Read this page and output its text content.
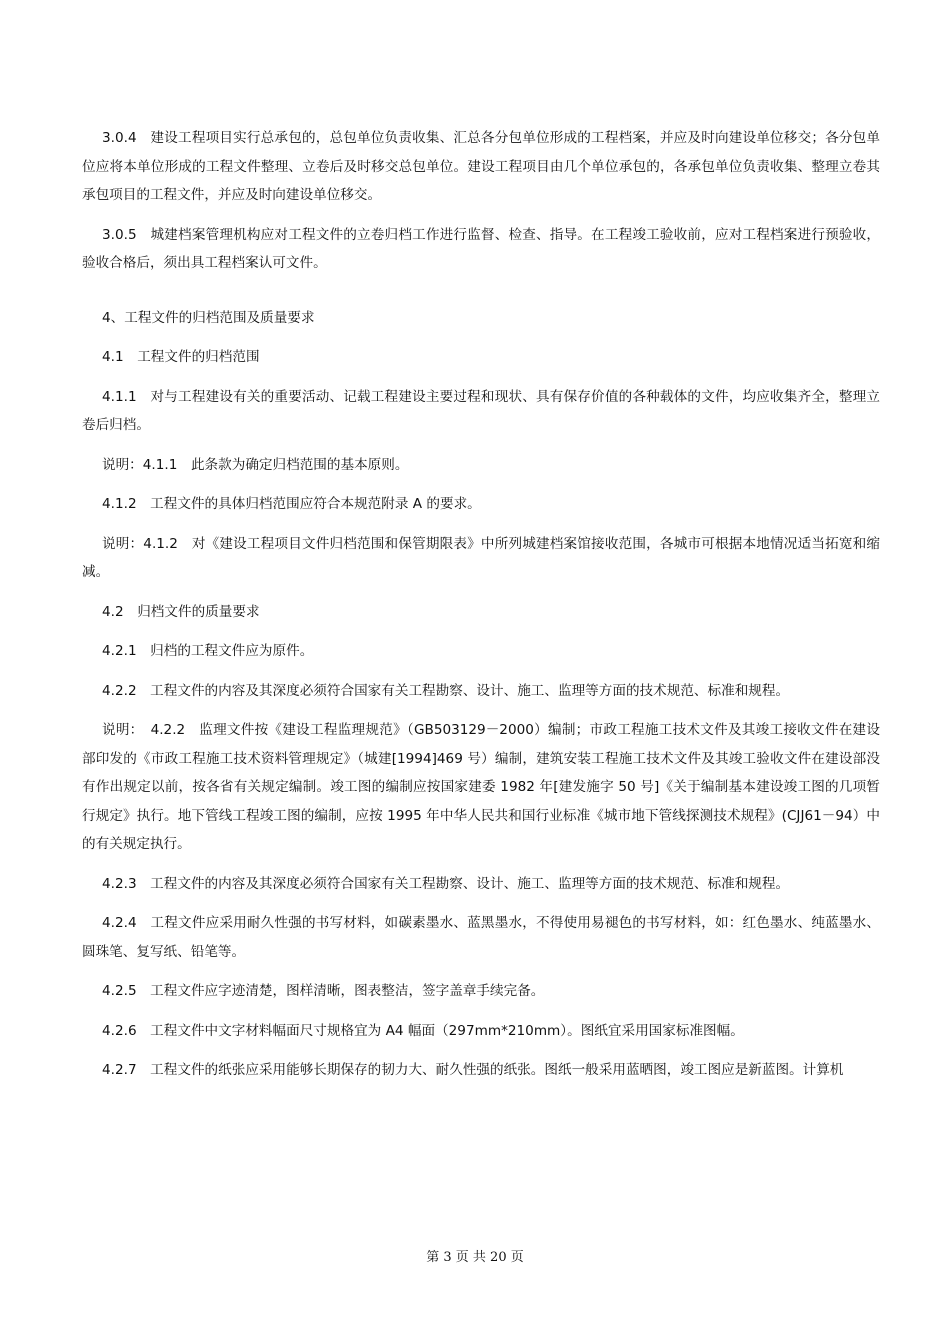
3.0.4　建设工程项目实行总承包的，总包单位负责收集、汇总各分包单位形成的工程档案，并应及时向建设单位移交；各分包单位应将本单位形成的工程文件整理、立卷后及时移交总包单位。建设工程项目由几个单位承包的，各承包单位负责收集、整理立卷其承包项目的工程文件，并应及时向建设单位移交。

3.0.5　城建档案管理机构应对工程文件的立卷归档工作进行监督、检查、指导。在工程竣工验收前，应对工程档案进行预验收，验收合格后，须出具工程档案认可文件。

4、工程文件的归档范围及质量要求

4.1　工程文件的归档范围

4.1.1　对与工程建设有关的重要活动、记载工程建设主要过程和现状、具有保存价值的各种载体的文件，均应收集齐全，整理立卷后归档。

说明：4.1.1　此条款为确定归档范围的基本原则。

4.1.2　工程文件的具体归档范围应符合本规范附录 A 的要求。

说明：4.1.2　对《建设工程项目文件归档范围和保管期限表》中所列城建档案馆接收范围，各城市可根据本地情况适当拓宽和缩减。

4.2　归档文件的质量要求

4.2.1　归档的工程文件应为原件。

4.2.2　工程文件的内容及其深度必须符合国家有关工程勘察、设计、施工、监理等方面的技术规范、标准和规程。

说明：　4.2.2　监理文件按《建设工程监理规范》（GB503129－2000）编制；市政工程施工技术文件及其竣工接收文件在建设部印发的《市政工程施工技术资料管理规定》（城建[1994]469 号）编制，建筑安装工程施工技术文件及其竣工验收文件在建设部没有作出规定以前，按各省有关规定编制。竣工图的编制应按国家建委 1982 年[建发施字 50 号]《关于编制基本建设竣工图的几项暂行规定》执行。地下管线工程竣工图的编制，应按 1995 年中华人民共和国行业标准《城市地下管线探测技术规程》(CJJ61－94）中的有关规定执行。

4.2.3　工程文件的内容及其深度必须符合国家有关工程勘察、设计、施工、监理等方面的技术规范、标准和规程。

4.2.4　工程文件应采用耐久性强的书写材料，如碳素墨水、蓝黑墨水，不得使用易褪色的书写材料，如：红色墨水、纯蓝墨水、圆珠笔、复写纸、铅笔等。

4.2.5　工程文件应字迹清楚，图样清晰，图表整洁，签字盖章手续完备。

4.2.6　工程文件中文字材料幅面尺寸规格宜为 A4 幅面（297mm*210mm）。图纸宜采用国家标准图幅。

4.2.7　工程文件的纸张应采用能够长期保存的韧力大、耐久性强的纸张。图纸一般采用蓝晒图，竣工图应是新蓝图。计算机

第 3 页 共 20 页
